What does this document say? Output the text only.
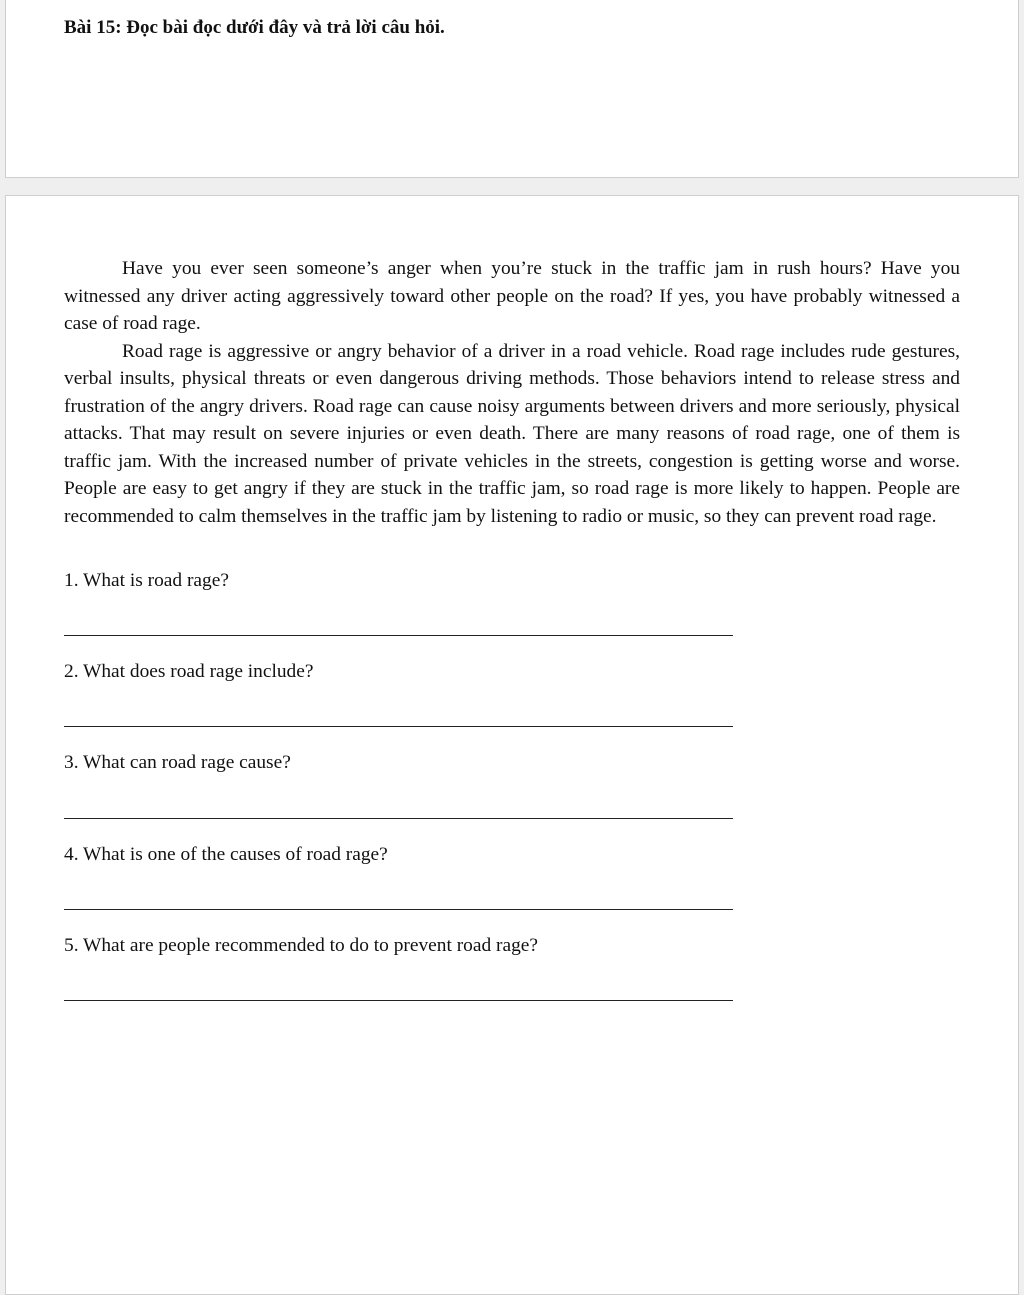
Bài 15: Đọc bài đọc dưới đây và trả lời câu hỏi.

Have you ever seen someone’s anger when you’re stuck in the traffic jam in rush hours? Have you witnessed any driver acting aggressively toward other people on the road? If yes, you have probably witnessed a case of road rage.

Road rage is aggressive or angry behavior of a driver in a road vehicle. Road rage includes rude gestures, verbal insults, physical threats or even dangerous driving methods. Those behaviors intend to release stress and frustration of the angry drivers. Road rage can cause noisy arguments between drivers and more seriously, physical attacks. That may result on severe injuries or even death. There are many reasons of road rage, one of them is traffic jam. With the increased number of private vehicles in the streets, congestion is getting worse and worse. People are easy to get angry if they are stuck in the traffic jam, so road rage is more likely to happen. People are recommended to calm themselves in the traffic jam by listening to radio or music, so they can prevent road rage.

1. What is road rage?

2. What does road rage include?

3. What can road rage cause?

4. What is one of the causes of road rage?

5. What are people recommended to do to prevent road rage?
